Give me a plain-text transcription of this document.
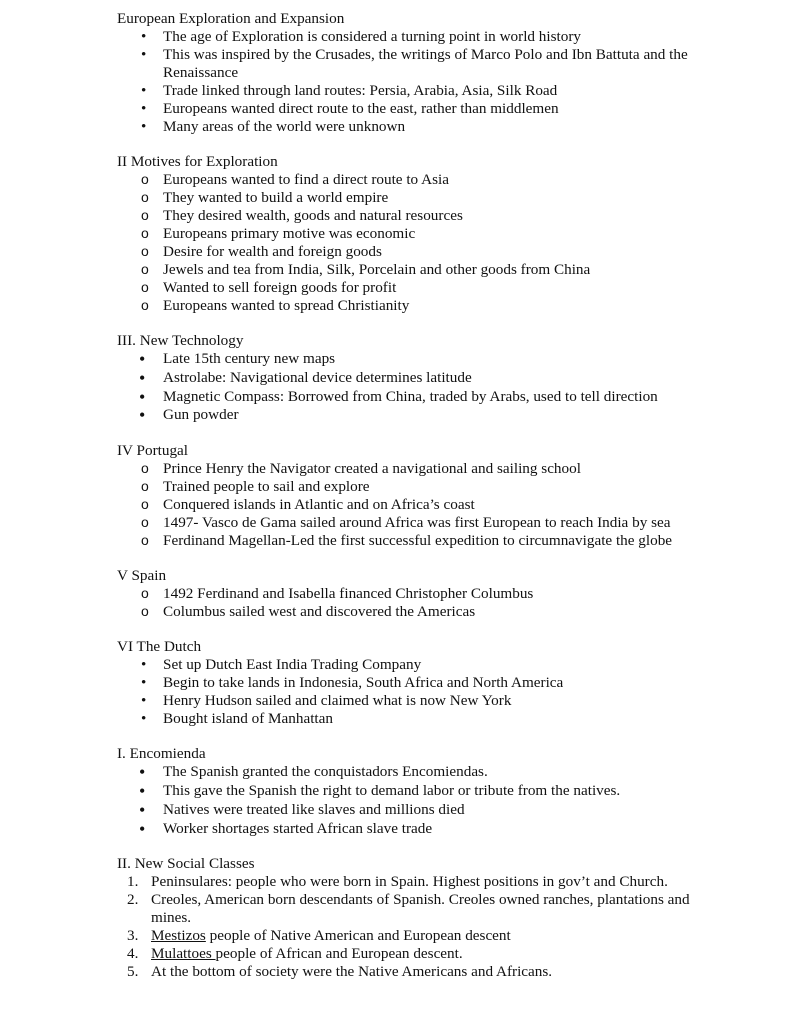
European Exploration and Expansion
• The age of Exploration is considered a turning point in world history
• This was inspired by the Crusades, the writings of Marco Polo and Ibn Battuta and the Renaissance
• Trade linked through land routes: Persia, Arabia, Asia, Silk Road
• Europeans wanted direct route to the east, rather than middlemen
• Many areas of the world were unknown
II Motives for Exploration
o Europeans wanted to find a direct route to Asia
o They wanted to build a world empire
o They desired wealth, goods and natural resources
o Europeans primary motive was economic
o Desire for wealth and foreign goods
o Jewels and tea from India, Silk, Porcelain and other goods from China
o Wanted to sell foreign goods for profit
o Europeans wanted to spread Christianity
III. New Technology
• Late 15th century new maps
• Astrolabe: Navigational device determines latitude
• Magnetic Compass: Borrowed from China, traded by Arabs, used to tell direction
• Gun powder
IV Portugal
o Prince Henry the Navigator created a navigational and sailing school
o Trained people to sail and explore
o Conquered islands in Atlantic and on Africa’s coast
o 1497- Vasco de Gama sailed around Africa was first European to reach India by sea
o Ferdinand Magellan-Led the first successful expedition to circumnavigate the globe
V Spain
o 1492 Ferdinand and Isabella financed Christopher Columbus
o Columbus sailed west and discovered the Americas
VI The Dutch
• Set up Dutch East India Trading Company
• Begin to take lands in Indonesia, South Africa and North America
• Henry Hudson sailed and claimed what is now New York
• Bought island of Manhattan
I. Encomienda
• The Spanish granted the conquistadors Encomiendas.
• This gave the Spanish the right to demand labor or tribute from the natives.
• Natives were treated like slaves and millions died
• Worker shortages started African slave trade
II. New Social Classes
1. Peninsulares: people who were born in Spain. Highest positions in gov’t and Church.
2. Creoles, American born descendants of Spanish. Creoles owned ranches, plantations and mines.
3. Mestizos people of Native American and European descent
4. Mulattoes people of African and European descent.
5. At the bottom of society were the Native Americans and Africans.
